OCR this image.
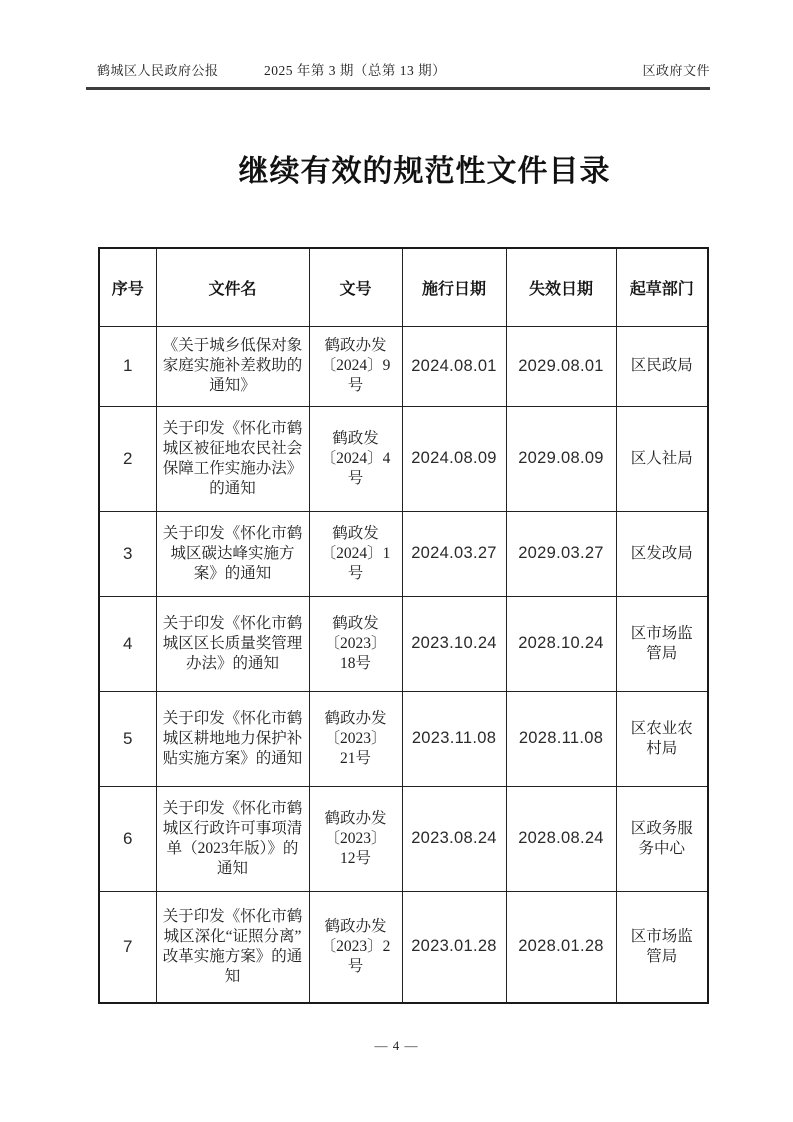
鹤城区人民政府公报	2025 年第 3 期（总第 13 期）	区政府文件
继续有效的规范性文件目录
序号	文件名	文号	施行日期	失效日期	起草部门
1	《关于城乡低保对象家庭实施补差救助的通知》	鹤政办发〔2024〕9号	2024.08.01	2029.08.01	区民政局
2	关于印发《怀化市鹤城区被征地农民社会保障工作实施办法》的通知	鹤政发〔2024〕4号	2024.08.09	2029.08.09	区人社局
3	关于印发《怀化市鹤城区碳达峰实施方案》的通知	鹤政发〔2024〕1号	2024.03.27	2029.03.27	区发改局
4	关于印发《怀化市鹤城区区长质量奖管理办法》的通知	鹤政发〔2023〕18号	2023.10.24	2028.10.24	区市场监管局
5	关于印发《怀化市鹤城区耕地地力保护补贴实施方案》的通知	鹤政办发〔2023〕21号	2023.11.08	2028.11.08	区农业农村局
6	关于印发《怀化市鹤城区行政许可事项清单（2023年版）》的通知	鹤政办发〔2023〕12号	2023.08.24	2028.08.24	区政务服务中心
7	关于印发《怀化市鹤城区深化“证照分离”改革实施方案》的通知	鹤政办发〔2023〕2号	2023.01.28	2028.01.28	区市场监管局
— 4 —
